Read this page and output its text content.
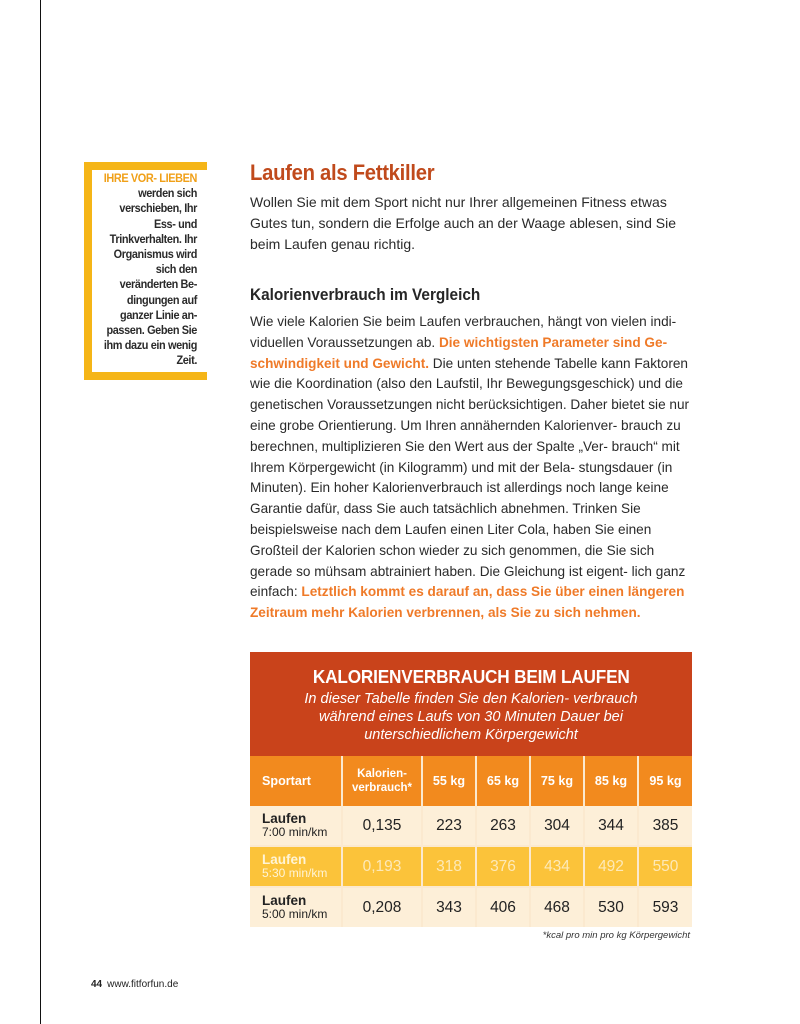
IHRE VOR- LIEBEN werden sich verschieben, Ihr Ess- und Trinkverhalten. Ihr Organismus wird sich den veränderten Be- dingungen auf ganzer Linie an- passen. Geben Sie ihm dazu ein wenig Zeit.

Laufen als Fettkiller

Wollen Sie mit dem Sport nicht nur Ihrer allgemeinen Fitness etwas Gutes tun, sondern die Erfolge auch an der Waage ablesen, sind Sie beim Laufen genau richtig.

Kalorienverbrauch im Vergleich

Wie viele Kalorien Sie beim Laufen verbrauchen, hängt von vielen indi- viduellen Voraussetzungen ab. Die wichtigsten Parameter sind Ge- schwindigkeit und Gewicht. Die unten stehende Tabelle kann Faktoren wie die Koordination (also den Laufstil, Ihr Bewegungsgeschick) und die genetischen Voraussetzungen nicht berücksichtigen. Daher bietet sie nur eine grobe Orientierung. Um Ihren annähernden Kalorienver- brauch zu berechnen, multiplizieren Sie den Wert aus der Spalte „Ver- brauch“ mit Ihrem Körpergewicht (in Kilogramm) und mit der Bela- stungsdauer (in Minuten). Ein hoher Kalorienverbrauch ist allerdings noch lange keine Garantie dafür, dass Sie auch tatsächlich abnehmen. Trinken Sie beispielsweise nach dem Laufen einen Liter Cola, haben Sie einen Großteil der Kalorien schon wieder zu sich genommen, die Sie sich gerade so mühsam abtrainiert haben. Die Gleichung ist eigent- lich ganz einfach: Letztlich kommt es darauf an, dass Sie über einen längeren Zeitraum mehr Kalorien verbrennen, als Sie zu sich nehmen.

KALORIENVERBRAUCH BEIM LAUFEN
In dieser Tabelle finden Sie den Kalorien- verbrauch während eines Laufs von 30 Minuten Dauer bei unterschiedlichem Körpergewicht
Sportart	Kalorien- verbrauch*	55 kg	65 kg	75 kg	85 kg	95 kg

Laufen
7:00 min/km	0,135	223	263	304	344	385

Laufen
5:30 min/km	0,193	318	376	434	492	550

Laufen
5:00 min/km	0,208	343	406	468	530	593
*kcal pro min pro kg Körpergewicht
44 www.fitforfun.de
